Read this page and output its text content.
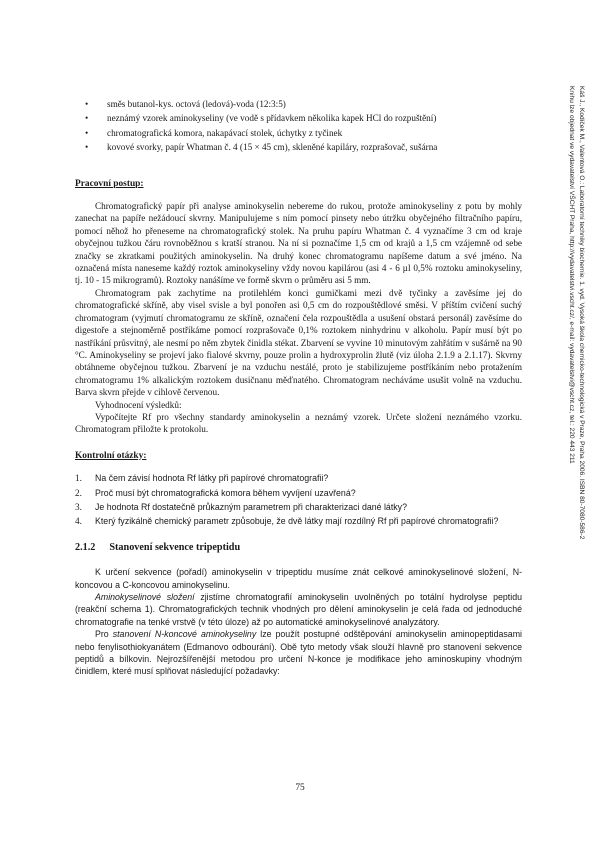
• směs butanol-kys. octová (ledová)-voda (12:3:5)
• neznámý vzorek aminokyseliny (ve vodě s přídavkem několika kapek HCl do rozpuštění)
• chromatografická komora, nakapávací stolek, úchytky z tyčinek
• kovové svorky, papír Whatman č. 4 (15 × 45 cm), skleněné kapiláry, rozprašovač, sušárna
Pracovní postup:

Chromatografický papír při analyse aminokyselin nebereme do rukou, protože aminokyseliny z potu by mohly zanechat na papíře nežádoucí skvrny. Manipulujeme s ním pomocí pinsety nebo útržku obyčejného filtračního papíru, pomocí něhož ho přeneseme na chromatografický stolek. Na pruhu papíru Whatman č. 4 vyznačíme 3 cm od kraje obyčejnou tužkou čáru rovnoběžnou s kratší stranou. Na ní si poznačíme 1,5 cm od krajů a 1,5 cm vzájemně od sebe značky se zkratkami použitých aminokyselin. Na druhý konec chromatogramu napíšeme datum a své jméno. Na označená místa naneseme každý roztok aminokyseliny vždy novou kapilárou (asi 4 - 6 µl 0,5% roztoku aminokyseliny, tj. 10 - 15 mikrogramů). Roztoky nanášíme ve formě skvrn o průměru asi 5 mm.

Chromatogram pak zachytíme na protilehlém konci gumičkami mezi dvě tyčinky a zavěsíme jej do chromatografické skříně, aby visel svisle a byl ponořen asi 0,5 cm do rozpouštědlové směsi. V příštím cvičení suchý chromatogram (vyjmutí chromatogramu ze skříně, označení čela rozpouštědla a usušení obstará personál) zavěsíme do digestoře a stejnoměrně postříkáme pomocí rozprašovače 0,1% roztokem ninhydrinu v alkoholu. Papír musí být po nastříkání průsvitný, ale nesmí po něm zbytek činidla stékat. Zbarvení se vyvine 10 minutovým zahřátím v sušárně na 90 °C. Aminokyseliny se projeví jako fialové skvrny, pouze prolin a hydroxyprolin žlutě (viz úloha 2.1.9 a 2.1.17). Skvrny obtáhneme obyčejnou tužkou. Zbarvení je na vzduchu nestálé, proto je stabilizujeme postříkáním nebo protažením chromatogramu 1% alkalickým roztokem dusičnanu měďnatého. Chromatogram necháváme usušit volně na vzduchu. Barva skvrn přejde v cihlově červenou.

Vyhodnocení výsledků:

Vypočítejte Rf pro všechny standardy aminokyselin a neznámý vzorek. Určete složení neznámého vzorku. Chromatogram přiložte k protokolu.

Kontrolní otázky:
1. Na čem závisí hodnota Rf látky při papírové chromatografii?
2. Proč musí být chromatografická komora během vyvíjení uzavřená?
3. Je hodnota Rf dostatečně průkazným parametrem při charakterizaci dané látky?
4. Který fyzikálně chemický parametr způsobuje, že dvě látky mají rozdílný Rf při papírové chromatografii?
2.1.2 Stanovení sekvence tripeptidu

K určení sekvence (pořadí) aminokyselin v tripeptidu musíme znát celkové aminokyselinové složení, N-koncovou a C-koncovou aminokyselinu.

Aminokyselinové složení zjistíme chromatografií aminokyselin uvolněných po totální hydrolyse peptidu (reakční schema 1). Chromatografických technik vhodných pro dělení aminokyselin je celá řada od jednoduché chromatografie na tenké vrstvě (v této úloze) až po automatické aminokyselinové analyzátory.

Pro stanovení N-koncové aminokyseliny lze použít postupné odštěpování aminokyselin aminopeptidasami nebo fenylisothiokyanátem (Edmanovo odbourání). Obě tyto metody však slouží hlavně pro stanovení sekvence peptidů a bílkovin. Nejrozšířenější metodou pro určení N-konce je modifikace jeho aminoskupiny vhodným činidlem, které musí splňovat následující požadavky:

75
Káš J., Kodíček M., Valentová O.: Laboratorní techniky biochemie. 1. vyd. Vysoká škola chemicko-technologická v Praze, Praha 2006. ISBN 80-7080-586-2
Knihu lze objednat ve vydavatelství VŠCHT Praha, http://vydavatelstvi.vscht.cz/, e-mail: vydavatelstvi@vscht.cz, tel.: 220 443 211
